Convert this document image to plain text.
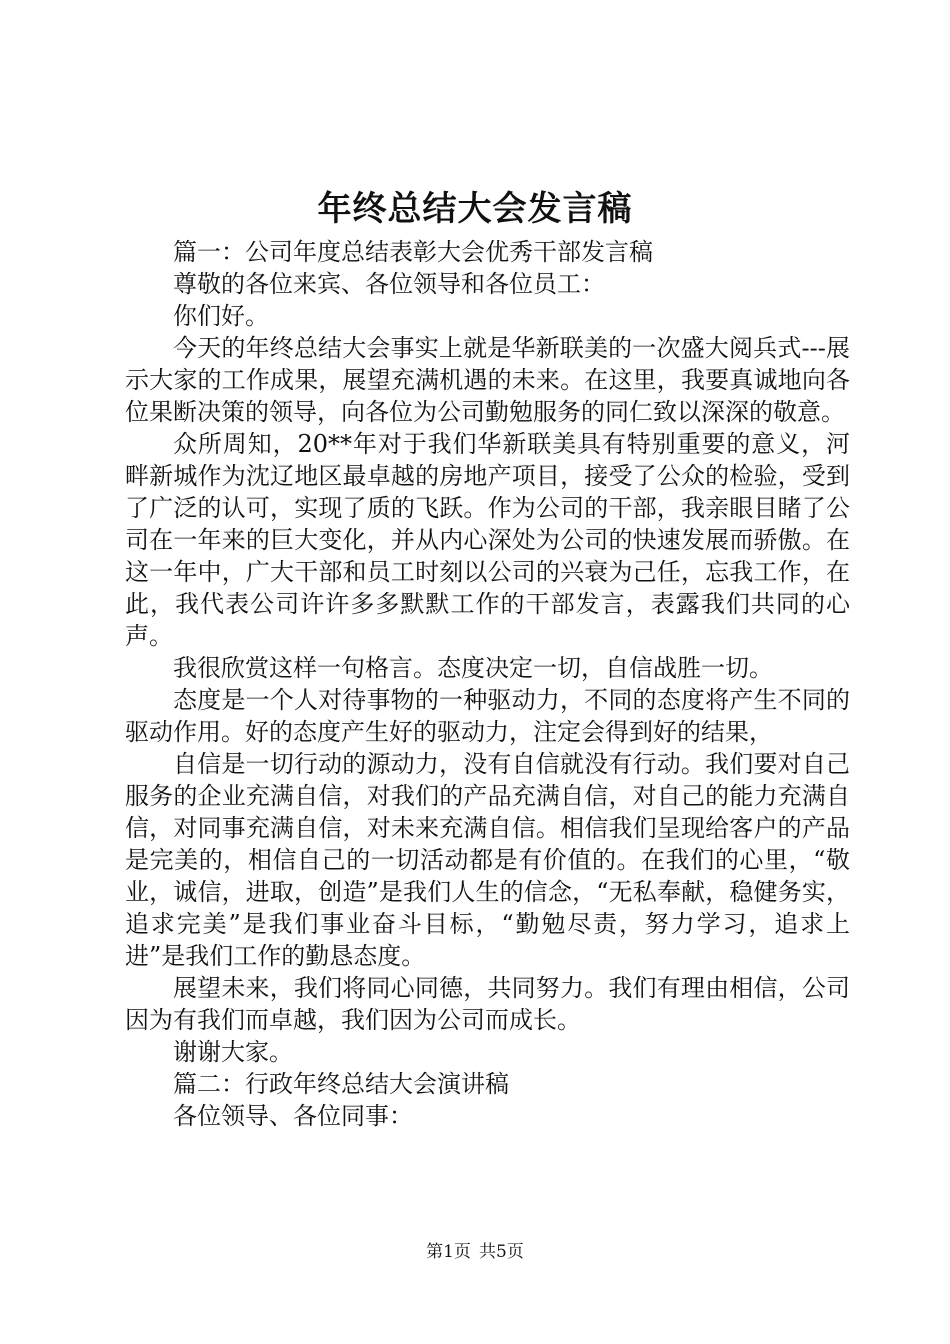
年终总结大会发言稿

篇一：公司年度总结表彰大会优秀干部发言稿

尊敬的各位来宾、各位领导和各位员工：

你们好。

今天的年终总结大会事实上就是华新联美的一次盛大阅兵式---展示大家的工作成果，展望充满机遇的未来。在这里，我要真诚地向各位果断决策的领导，向各位为公司勤勉服务的同仁致以深深的敬意。

众所周知，20**年对于我们华新联美具有特别重要的意义，河畔新城作为沈辽地区最卓越的房地产项目，接受了公众的检验，受到了广泛的认可，实现了质的飞跃。作为公司的干部，我亲眼目睹了公司在一年来的巨大变化，并从内心深处为公司的快速发展而骄傲。在这一年中，广大干部和员工时刻以公司的兴衰为己任，忘我工作，在此，我代表公司许许多多默默工作的干部发言，表露我们共同的心声。

我很欣赏这样一句格言。态度决定一切，自信战胜一切。

态度是一个人对待事物的一种驱动力，不同的态度将产生不同的驱动作用。好的态度产生好的驱动力，注定会得到好的结果，

自信是一切行动的源动力，没有自信就没有行动。我们要对自己服务的企业充满自信，对我们的产品充满自信，对自己的能力充满自信，对同事充满自信，对未来充满自信。相信我们呈现给客户的产品是完美的，相信自己的一切活动都是有价值的。在我们的心里，“敬业，诚信，进取，创造”是我们人生的信念，“无私奉献，稳健务实，追求完美”是我们事业奋斗目标，“勤勉尽责，努力学习，追求上进”是我们工作的勤恳态度。

展望未来，我们将同心同德，共同努力。我们有理由相信，公司因为有我们而卓越，我们因为公司而成长。

谢谢大家。

篇二：行政年终总结大会演讲稿

各位领导、各位同事：

第1页 共5页
